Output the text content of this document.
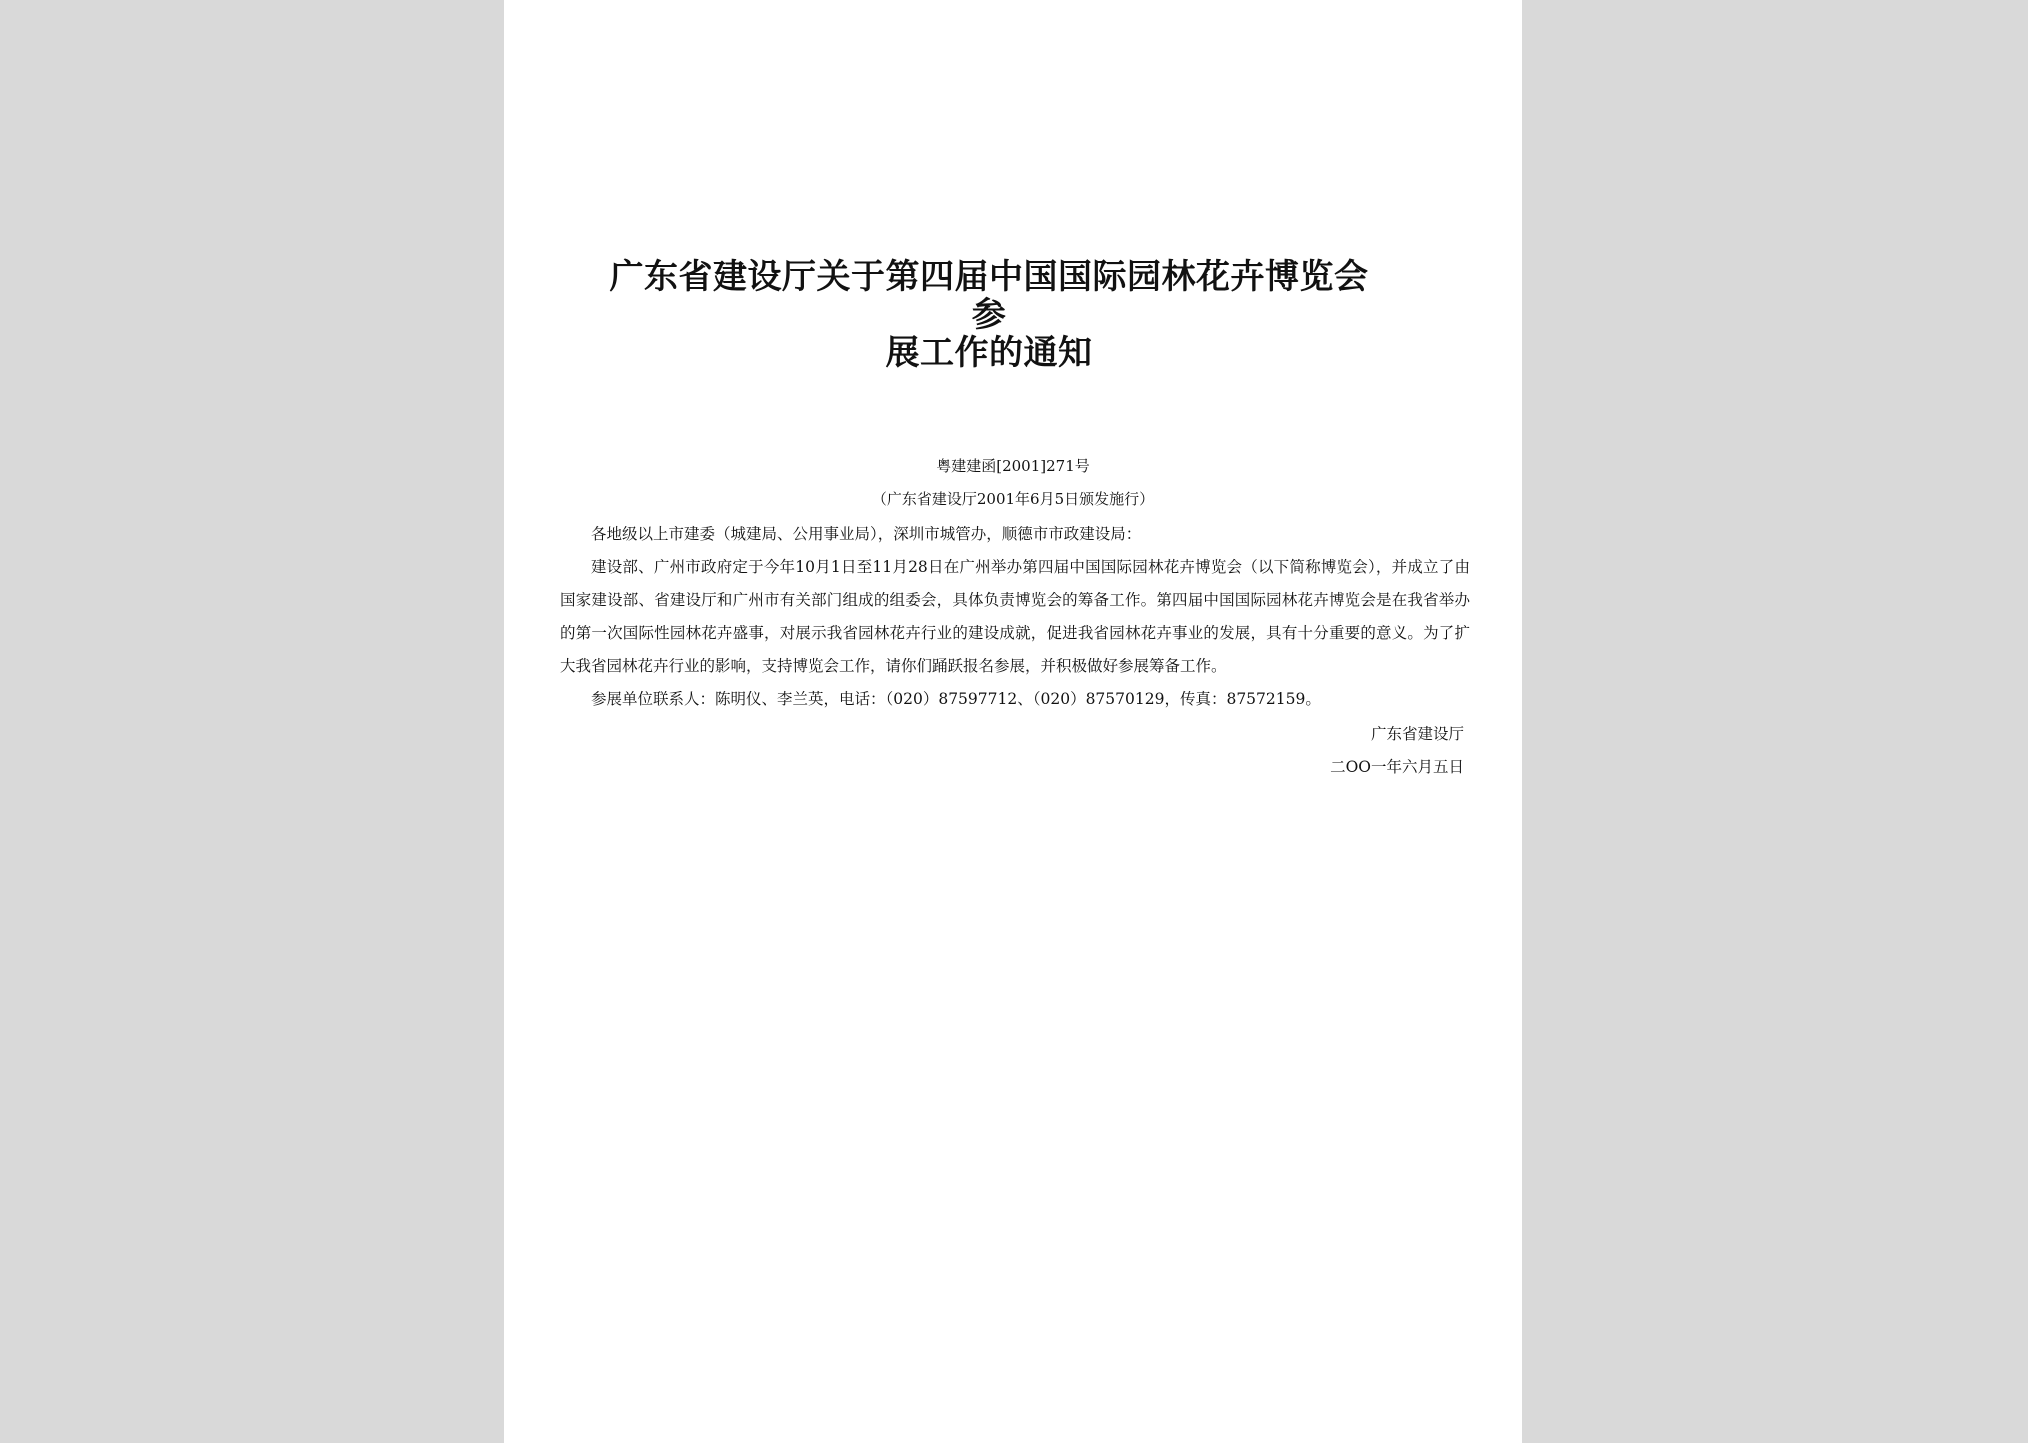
广东省建设厅关于第四届中国国际园林花卉博览会参
展工作的通知
粤建建函[2001]271号
（广东省建设厅2001年6月5日颁发施行）

各地级以上市建委（城建局、公用事业局），深圳市城管办，顺德市市政建设局：

建设部、广州市政府定于今年10月1日至11月28日在广州举办第四届中国国际园林花卉博览会（以下简称博览会），并成立了由国家建设部、省建设厅和广州市有关部门组成的组委会，具体负责博览会的筹备工作。第四届中国国际园林花卉博览会是在我省举办的第一次国际性园林花卉盛事，对展示我省园林花卉行业的建设成就，促进我省园林花卉事业的发展，具有十分重要的意义。为了扩大我省园林花卉行业的影响，支持博览会工作，请你们踊跃报名参展，并积极做好参展筹备工作。

参展单位联系人：陈明仪、李兰英，电话：（020）87597712、（020）87570129，传真：87572159。

广东省建设厅
二OO一年六月五日
